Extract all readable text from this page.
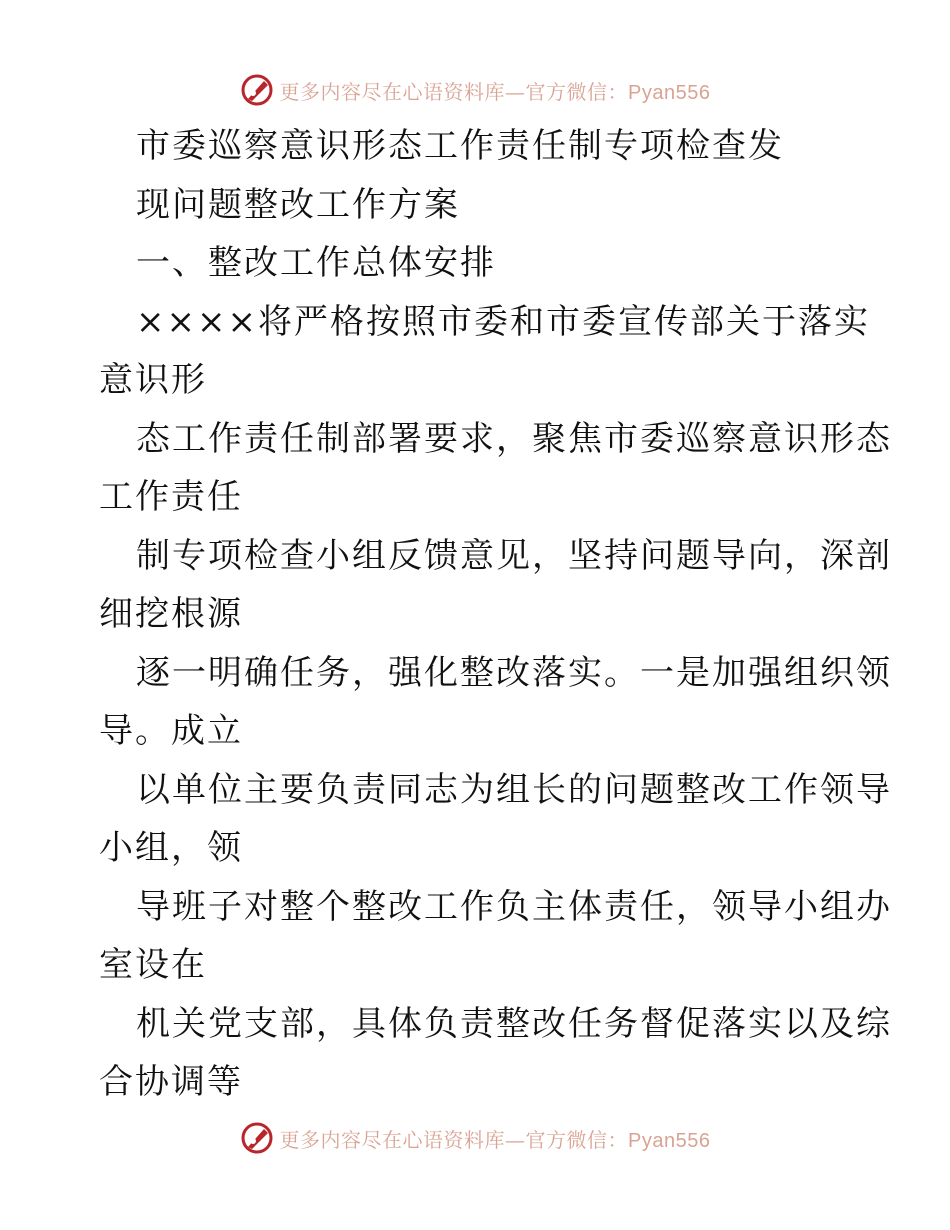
更多内容尽在心语资料库—官方微信：Pyan556
市委巡察意识形态工作责任制专项检查发
现问题整改工作方案
一、整改工作总体安排
××××将严格按照市委和市委宣传部关于落实
意识形
态工作责任制部署要求，聚焦市委巡察意识形态
工作责任
制专项检查小组反馈意见，坚持问题导向，深剖
细挖根源
逐一明确任务，强化整改落实。一是加强组织领
导。成立
以单位主要负责同志为组长的问题整改工作领导
小组，领
导班子对整个整改工作负主体责任，领导小组办
室设在
机关党支部，具体负责整改任务督促落实以及综
合协调等
更多内容尽在心语资料库—官方微信：Pyan556
